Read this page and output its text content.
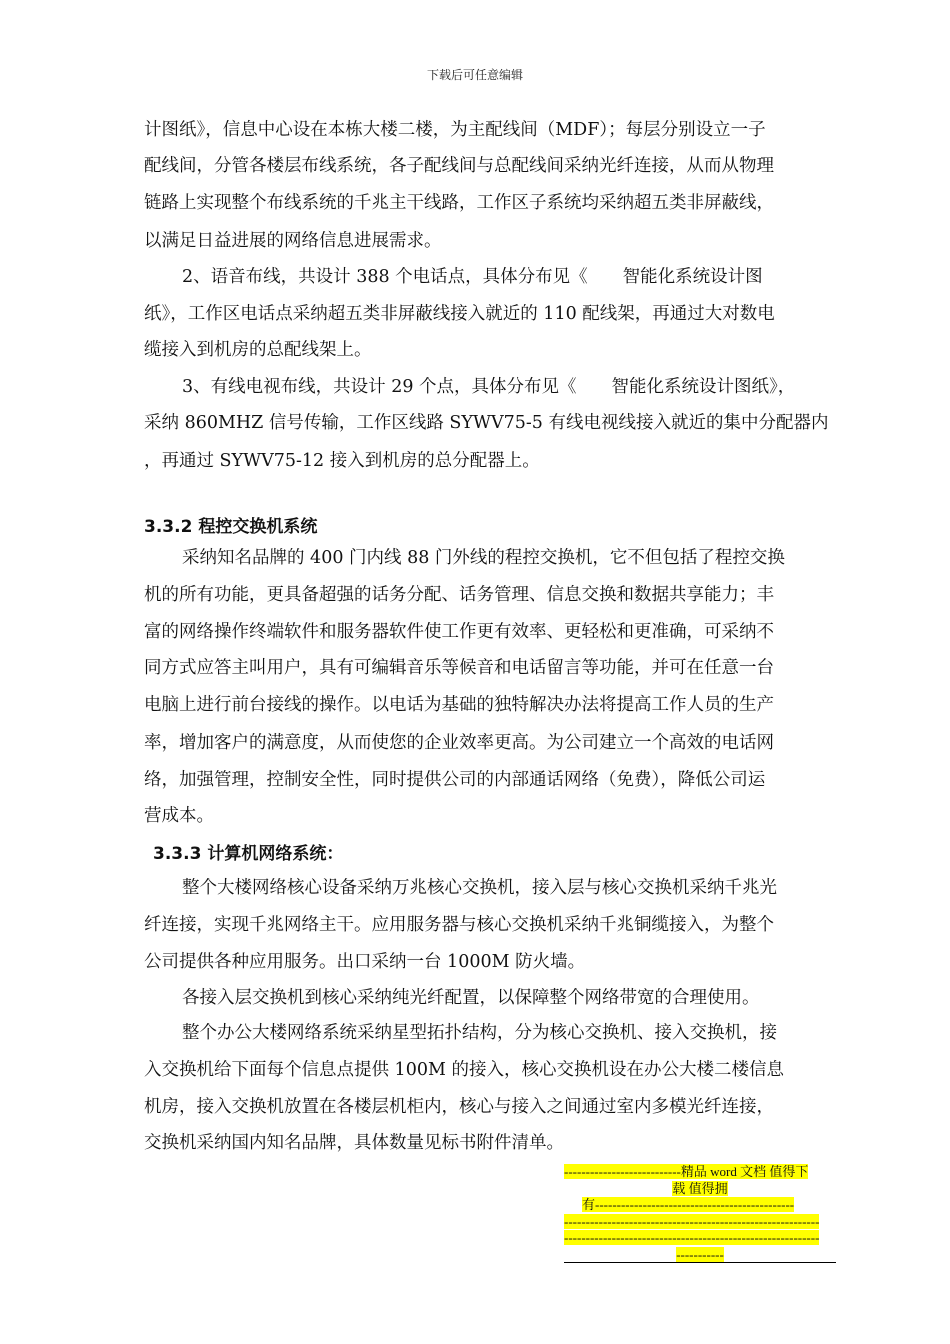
下载后可任意编辑
计图纸》，信息中心设在本栋大楼二楼，为主配线间（MDF）；每层分别设立一子
配线间，分管各楼层布线系统，各子配线间与总配线间采纳光纤连接，从而从物理
链路上实现整个布线系统的千兆主干线路，工作区子系统均采纳超五类非屏蔽线，
以满足日益进展的网络信息进展需求。
2、语音布线，共设计 388 个电话点，具体分布见《　　智能化系统设计图
纸》，工作区电话点采纳超五类非屏蔽线接入就近的 110 配线架，再通过大对数电
缆接入到机房的总配线架上。
3、有线电视布线，共设计 29 个点，具体分布见《　　智能化系统设计图纸》，
采纳 860MHZ 信号传输，工作区线路 SYWV75-5 有线电视线接入就近的集中分配器内
，再通过 SYWV75-12 接入到机房的总分配器上。
3.3.2 程控交换机系统
采纳知名品牌的 400 门内线 88 门外线的程控交换机，它不但包括了程控交换
机的所有功能，更具备超强的话务分配、话务管理、信息交换和数据共享能力；丰
富的网络操作终端软件和服务器软件使工作更有效率、更轻松和更准确，可采纳不
同方式应答主叫用户，具有可编辑音乐等候音和电话留言等功能，并可在任意一台
电脑上进行前台接线的操作。以电话为基础的独特解决办法将提高工作人员的生产
率，增加客户的满意度，从而使您的企业效率更高。为公司建立一个高效的电话网
络，加强管理，控制安全性，同时提供公司的内部通话网络（免费），降低公司运
营成本。
3.3.3 计算机网络系统：
整个大楼网络核心设备采纳万兆核心交换机，接入层与核心交换机采纳千兆光
纤连接，实现千兆网络主干。应用服务器与核心交换机采纳千兆铜缆接入，为整个
公司提供各种应用服务。出口采纳一台 1000M 防火墙。
各接入层交换机到核心采纳纯光纤配置，以保障整个网络带宽的合理使用。
整个办公大楼网络系统采纳星型拓扑结构，分为核心交换机、接入交换机，接
入交换机给下面每个信息点提供 100M 的接入，核心交换机设在办公大楼二楼信息
机房，接入交换机放置在各楼层机柜内，核心与接入之间通过室内多模光纤连接，
交换机采纳国内知名品牌，具体数量见标书附件清单。
---------------------------精品 word 文档 值得下
载 值得拥
有----------------------------------------------
-----------------------------------------------------------
-----------------------------------------------------------
-----------
